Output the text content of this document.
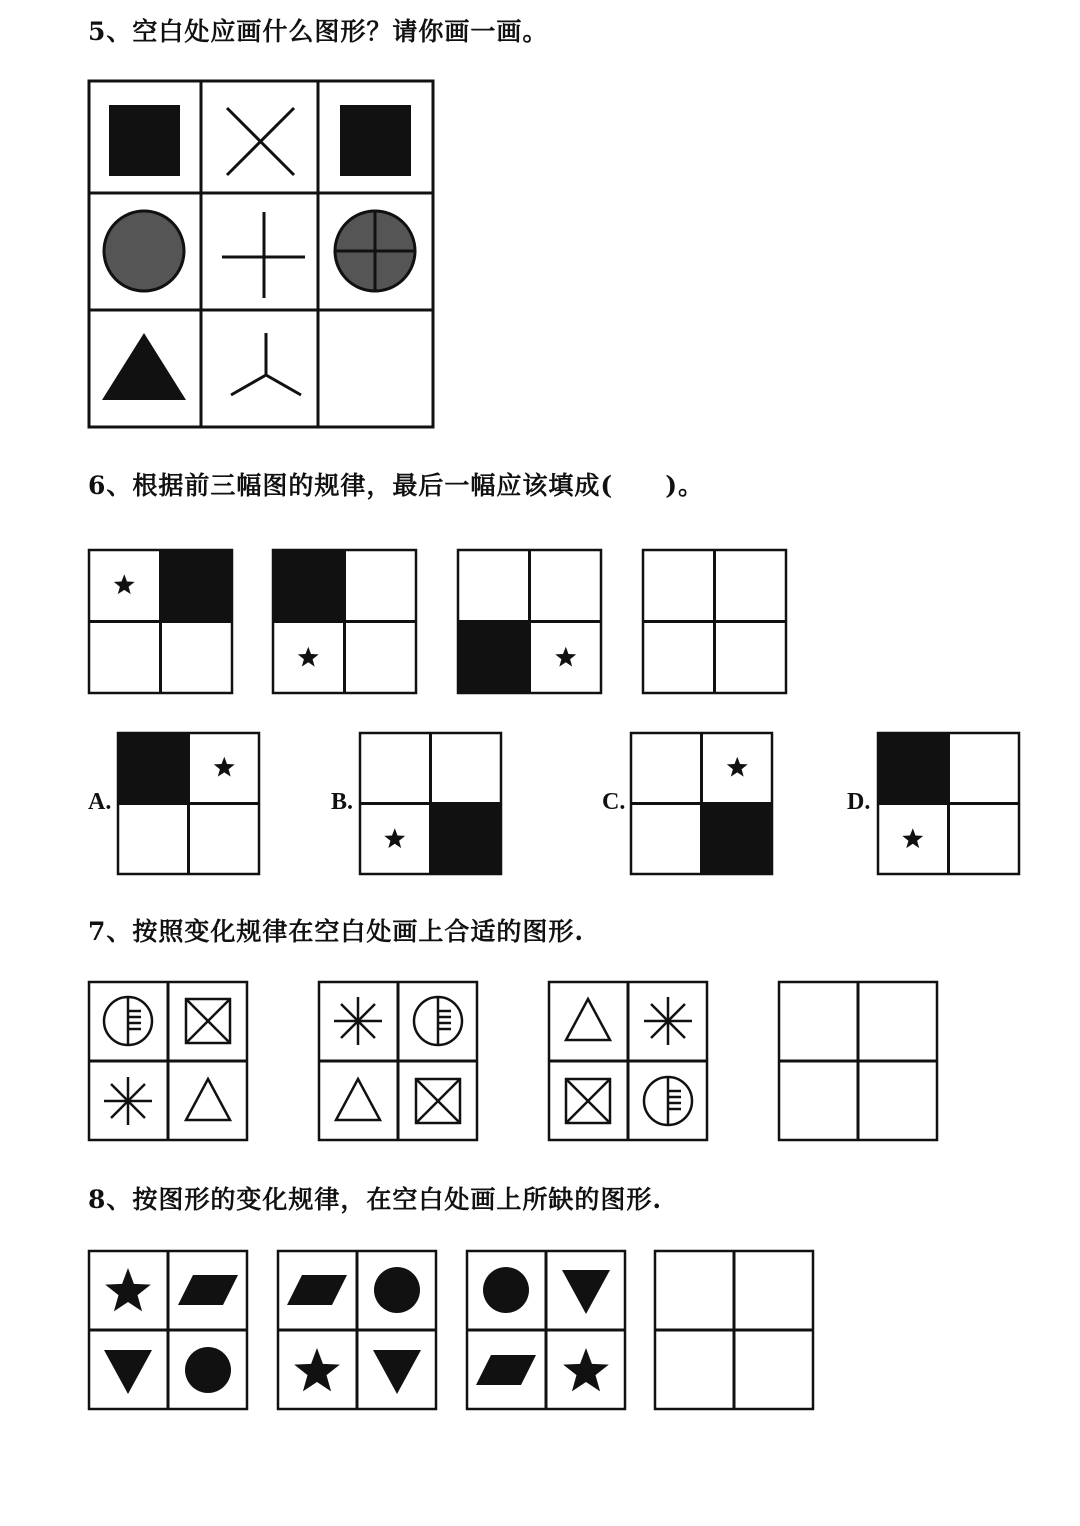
5、空白处应画什么图形？请你画一画。
6、根据前三幅图的规律，最后一幅应该填成(　　)。
A.	B.	C.	D.
7、按照变化规律在空白处画上合适的图形.
8、按图形的变化规律，在空白处画上所缺的图形.
